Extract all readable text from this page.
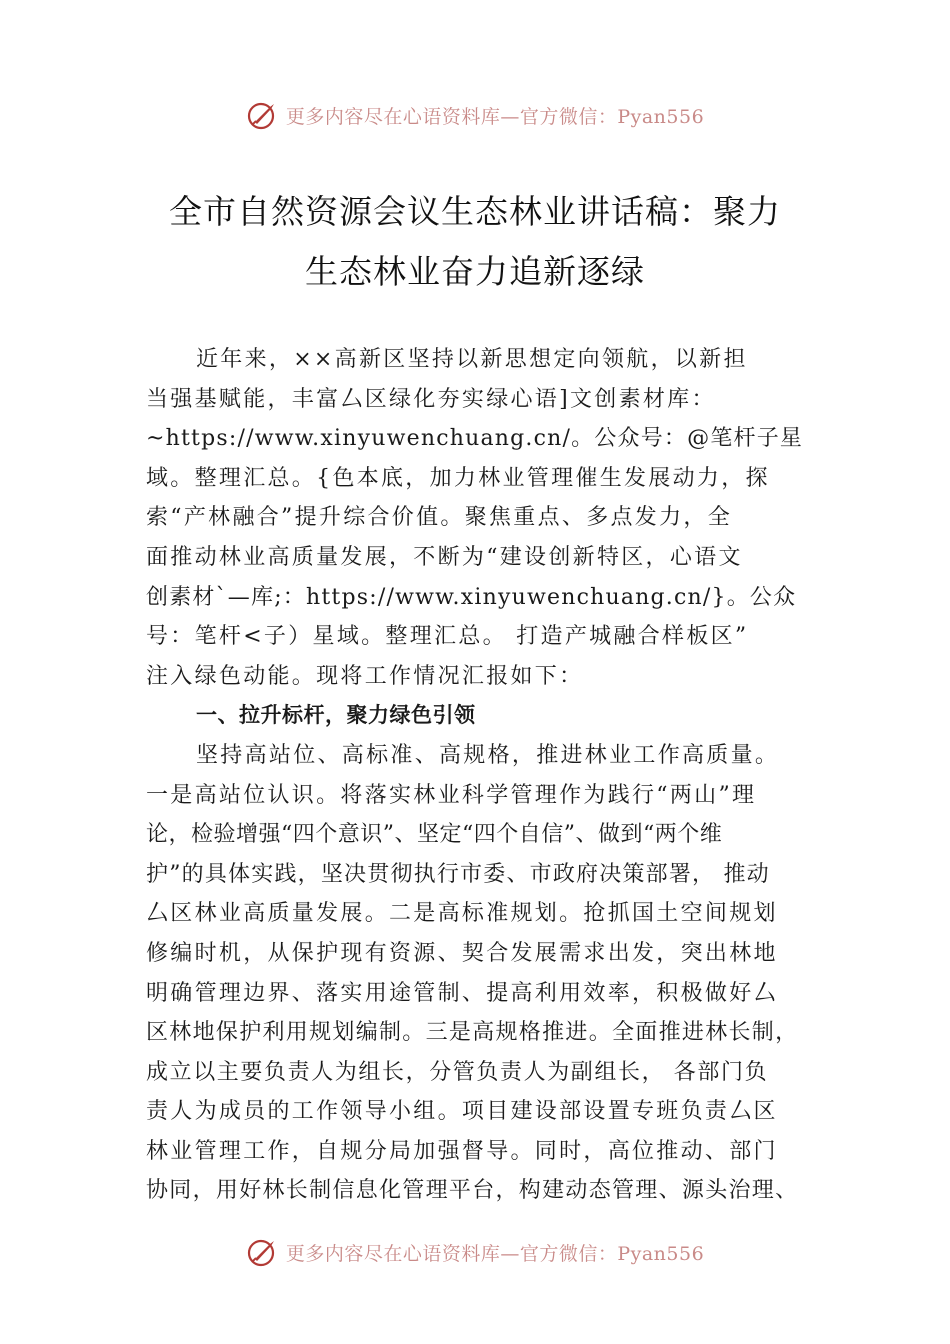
更多内容尽在心语资料库—官方微信：Pyan556
全市自然资源会议生态林业讲话稿：聚力
生态林业奋力追新逐绿
近年来，××高新区坚持以新思想定向领航，以新担
当强基赋能，丰富厶区绿化夯实绿心语]文创素材库：
~https://www.xinyuwenchuang.cn/。公众号：@笔杆子星
域。整理汇总。{色本底，加力林业管理催生发展动力，探
索“产林融合”提升综合价值。聚焦重点、多点发力，全
面推动林业高质量发展，不断为“建设创新特区，心语文
创素材`—库;：https://www.xinyuwenchuang.cn/}。公众
号：笔杆<子）星域。整理汇总。 打造产城融合样板区”
注入绿色动能。现将工作情况汇报如下：
一、拉升标杆，聚力绿色引领
坚持高站位、高标准、高规格，推进林业工作高质量。
一是高站位认识。将落实林业科学管理作为践行“两山”理
论，检验增强“四个意识”、坚定“四个自信”、做到“两个维
护”的具体实践，坚决贯彻执行市委、市政府决策部署， 推动
厶区林业高质量发展。二是高标准规划。抢抓国土空间规划
修编时机，从保护现有资源、契合发展需求出发，突出林地
明确管理边界、落实用途管制、提高利用效率，积极做好厶
区林地保护利用规划编制。三是高规格推进。全面推进林长制，
成立以主要负责人为组长，分管负责人为副组长， 各部门负
责人为成员的工作领导小组。项目建设部设置专班负责厶区
林业管理工作，自规分局加强督导。同时，高位推动、部门
协同，用好林长制信息化管理平台，构建动态管理、源头治理、
更多内容尽在心语资料库—官方微信：Pyan556
